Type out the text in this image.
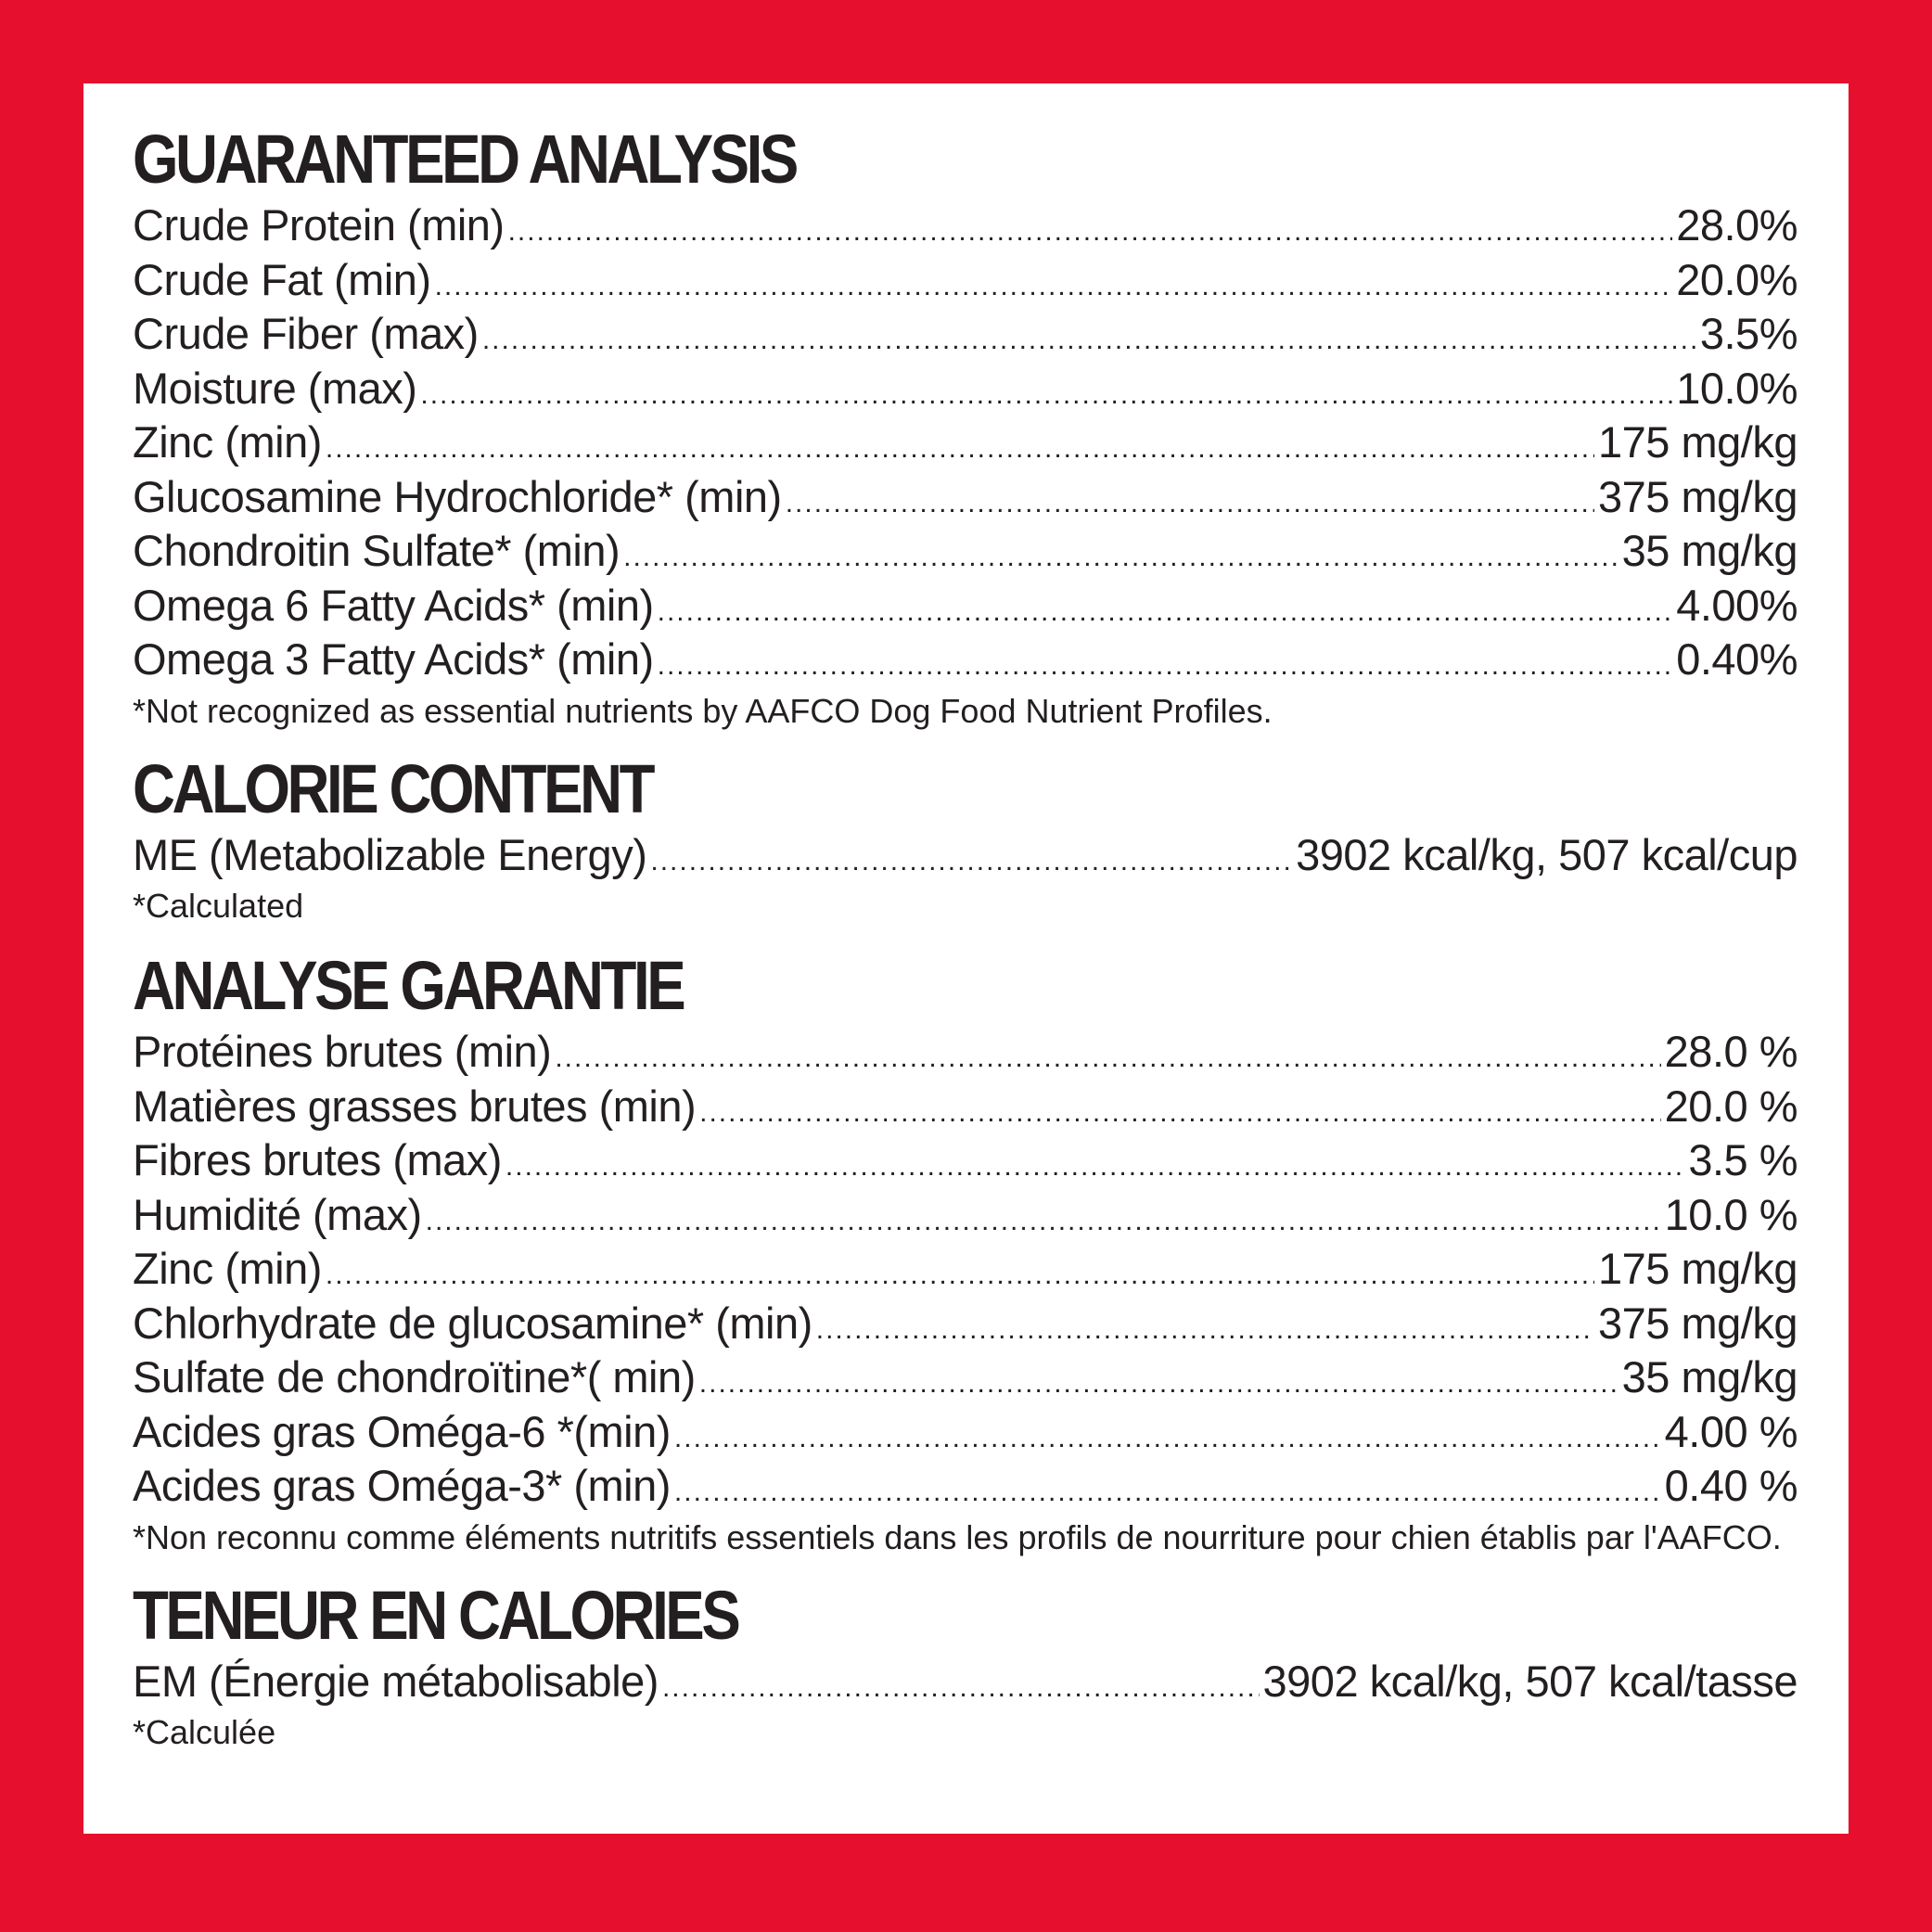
GUARANTEED ANALYSIS
Crude Protein (min) .....	28.0%
Crude Fat (min) .....	20.0%
Crude Fiber (max) .....	3.5%
Moisture (max) .....	10.0%
Zinc (min) .....	175 mg/kg
Glucosamine Hydrochloride* (min) .....	375 mg/kg
Chondroitin Sulfate* (min) .....	35 mg/kg
Omega 6 Fatty Acids* (min) .....	4.00%
Omega 3 Fatty Acids* (min) .....	0.40%

*Not recognized as essential nutrients by AAFCO Dog Food Nutrient Profiles.

CALORIE CONTENT
ME (Metabolizable Energy) .....	3902 kcal/kg, 507 kcal/cup

*Calculated

ANALYSE GARANTIE
Protéines brutes (min) .....	28.0 %
Matières grasses brutes (min) .....	20.0 %
Fibres brutes (max) .....	3.5 %
Humidité (max) .....	10.0 %
Zinc (min) .....	175 mg/kg
Chlorhydrate de glucosamine* (min) .....	375 mg/kg
Sulfate de chondroïtine*( min) .....	35 mg/kg
Acides gras Oméga-6 *(min) .....	4.00 %
Acides gras Oméga-3* (min) .....	0.40 %

*Non reconnu comme éléments nutritifs essentiels dans les profils de nourriture pour chien établis par l'AAFCO.

TENEUR EN CALORIES
EM (Énergie métabolisable) .....	3902 kcal/kg, 507 kcal/tasse

*Calculée
